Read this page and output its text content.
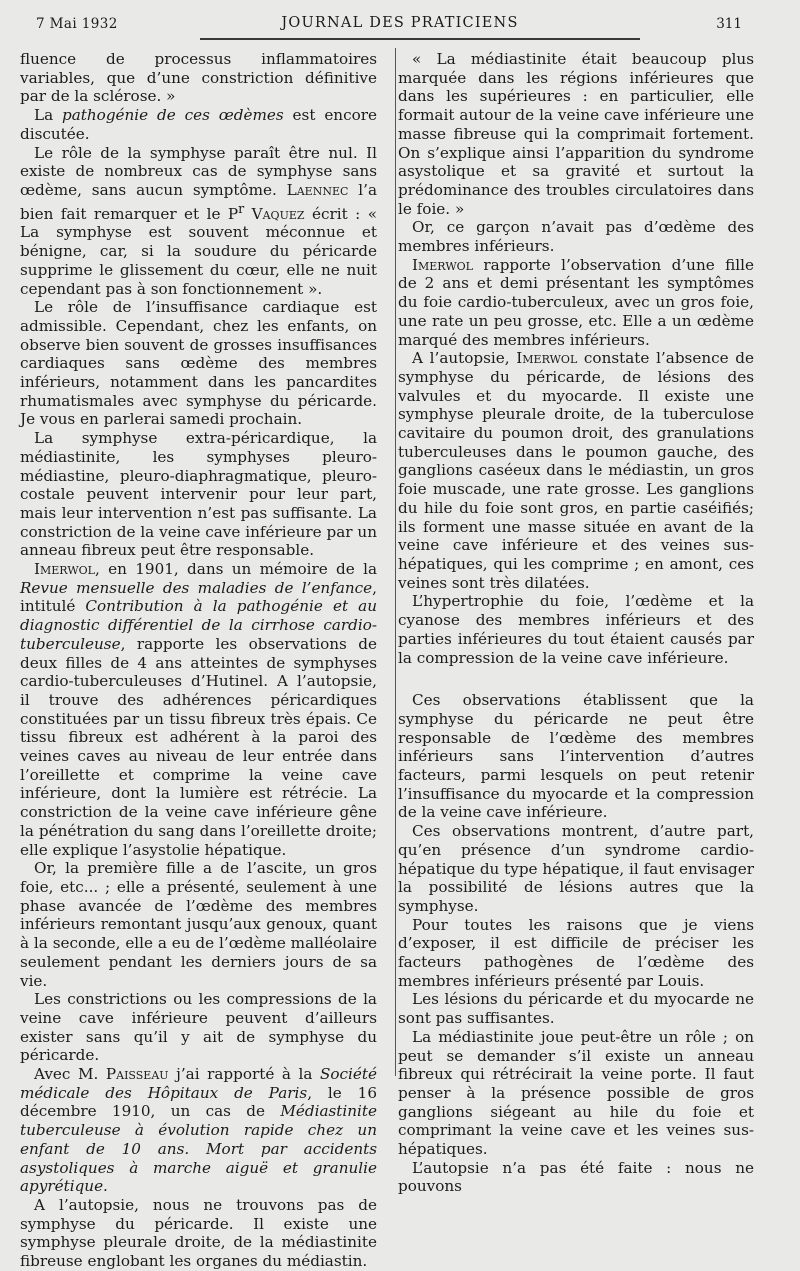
7 Mai 1932	JOURNAL DES PRATICIENS	311

fluence de processus inflammatoires variables, que d’une constriction définitive par de la sclérose. »

La pathogénie de ces œdèmes est encore discutée.

Le rôle de la symphyse paraît être nul. Il existe de nombreux cas de symphyse sans œdème, sans aucun symptôme. Laennec l’a bien fait remarquer et le $P^r$ Vaquez écrit : « La symphyse est souvent méconnue et bénigne, car, si la soudure du péricarde supprime le glissement du cœur, elle ne nuit cependant pas à son fonctionnement ».

Le rôle de l’insuffisance cardiaque est admissible. Cependant, chez les enfants, on observe bien souvent de grosses insuffisances cardiaques sans œdème des membres inférieurs, notamment dans les pancardites rhumatismales avec symphyse du péricarde. Je vous en parlerai samedi prochain.

La symphyse extra-péricardique, la médiastinite, les symphyses pleuro-médiastine, pleuro-diaphragmatique, pleuro-costale peuvent intervenir pour leur part, mais leur intervention n’est pas suffisante. La constriction de la veine cave inférieure par un anneau fibreux peut être responsable.

Imerwol, en 1901, dans un mémoire de la Revue mensuelle des maladies de l’enfance, intitulé Contribution à la pathogénie et au diagnostic différentiel de la cirrhose cardio-tuberculeuse, rapporte les observations de deux filles de 4 ans atteintes de symphyses cardio-tuberculeuses d’Hutinel. A l’autopsie, il trouve des adhérences péricardiques constituées par un tissu fibreux très épais. Ce tissu fibreux est adhérent à la paroi des veines caves au niveau de leur entrée dans l’oreillette et comprime la veine cave inférieure, dont la lumière est rétrécie. La constriction de la veine cave inférieure gêne la pénétration du sang dans l’oreillette droite; elle explique l’asystolie hépatique.

Or, la première fille a de l’ascite, un gros foie, etc... ; elle a présenté, seulement à une phase avancée de l’œdème des membres inférieurs remontant jusqu’aux genoux, quant à la seconde, elle a eu de l’œdème malléolaire seulement pendant les derniers jours de sa vie.

Les constrictions ou les compressions de la veine cave inférieure peuvent d’ailleurs exister sans qu’il y ait de symphyse du péricarde.

Avec M. Paisseau j’ai rapporté à la Société médicale des Hôpitaux de Paris, le 16 décembre 1910, un cas de Médiastinite tuberculeuse à évolution rapide chez un enfant de 10 ans. Mort par accidents asystoliques à marche aiguë et granulie apyrétique.

A l’autopsie, nous ne trouvons pas de symphyse du péricarde. Il existe une symphyse pleurale droite, de la médiastinite fibreuse englobant les organes du médiastin.

« La médiastinite était beaucoup plus marquée dans les régions inférieures que dans les supérieures : en particulier, elle formait autour de la veine cave inférieure une masse fibreuse qui la comprimait fortement. On s’explique ainsi l’apparition du syndrome asystolique et sa gravité et surtout la prédominance des troubles circulatoires dans le foie. »

Or, ce garçon n’avait pas d’œdème des membres inférieurs.

Imerwol rapporte l’observation d’une fille de 2 ans et demi présentant les symptômes du foie cardio-tuberculeux, avec un gros foie, une rate un peu grosse, etc. Elle a un œdème marqué des membres inférieurs.

A l’autopsie, Imerwol constate l’absence de symphyse du péricarde, de lésions des valvules et du myocarde. Il existe une symphyse pleurale droite, de la tuberculose cavitaire du poumon droit, des granulations tuberculeuses dans le poumon gauche, des ganglions caséeux dans le médiastin, un gros foie muscade, une rate grosse. Les ganglions du hile du foie sont gros, en partie caséifiés; ils forment une masse située en avant de la veine cave inférieure et des veines sus-hépatiques, qui les comprime ; en amont, ces veines sont très dilatées.

L’hypertrophie du foie, l’œdème et la cyanose des membres inférieurs et des parties inférieures du tout étaient causés par la compression de la veine cave inférieure.

Ces observations établissent que la symphyse du péricarde ne peut être responsable de l’œdème des membres inférieurs sans l’intervention d’autres facteurs, parmi lesquels on peut retenir l’insuffisance du myocarde et la compression de la veine cave inférieure.

Ces observations montrent, d’autre part, qu’en présence d’un syndrome cardio-hépatique du type hépatique, il faut envisager la possibilité de lésions autres que la symphyse.

Pour toutes les raisons que je viens d’exposer, il est difficile de préciser les facteurs pathogènes de l’œdème des membres inférieurs présenté par Louis.

Les lésions du péricarde et du myocarde ne sont pas suffisantes.

La médiastinite joue peut-être un rôle ; on peut se demander s’il existe un anneau fibreux qui rétrécirait la veine porte. Il faut penser à la présence possible de gros ganglions siégeant au hile du foie et comprimant la veine cave et les veines sus-hépatiques.

L’autopsie n’a pas été faite : nous ne pouvons
